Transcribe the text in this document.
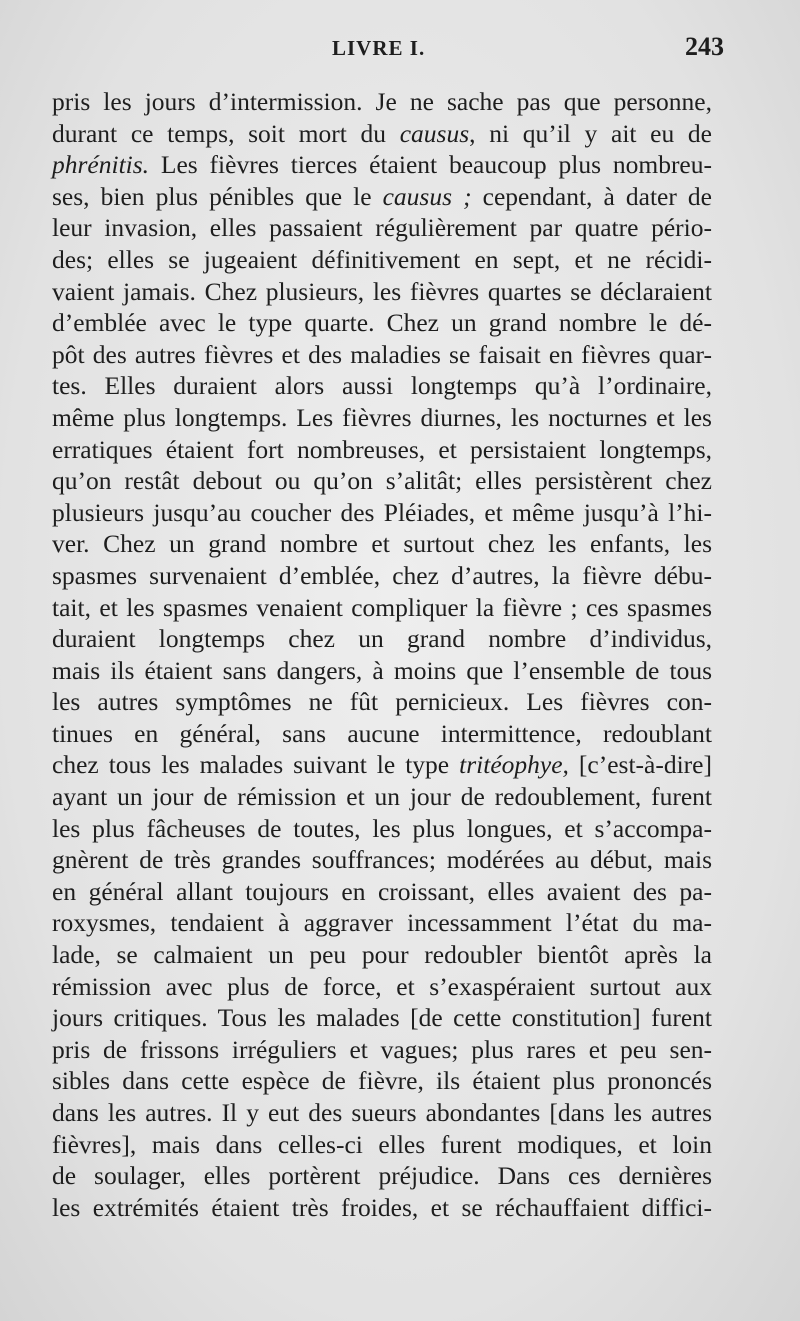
LIVRE I.	243
pris les jours d’intermission. Je ne sache pas que personne,
durant ce temps, soit mort du causus, ni qu’il y ait eu de
phrénitis. Les fièvres tierces étaient beaucoup plus nombreu-
ses, bien plus pénibles que le causus ; cependant, à dater de
leur invasion, elles passaient régulièrement par quatre pério-
des; elles se jugeaient définitivement en sept, et ne récidi-
vaient jamais. Chez plusieurs, les fièvres quartes se déclaraient
d’emblée avec le type quarte. Chez un grand nombre le dé-
pôt des autres fièvres et des maladies se faisait en fièvres quar-
tes. Elles duraient alors aussi longtemps qu’à l’ordinaire,
même plus longtemps. Les fièvres diurnes, les nocturnes et les
erratiques étaient fort nombreuses, et persistaient longtemps,
qu’on restât debout ou qu’on s’alitât; elles persistèrent chez
plusieurs jusqu’au coucher des Pléiades, et même jusqu’à l’hi-
ver. Chez un grand nombre et surtout chez les enfants, les
spasmes survenaient d’emblée, chez d’autres, la fièvre débu-
tait, et les spasmes venaient compliquer la fièvre ; ces spasmes
duraient longtemps chez un grand nombre d’individus,
mais ils étaient sans dangers, à moins que l’ensemble de tous
les autres symptômes ne fût pernicieux. Les fièvres con-
tinues en général, sans aucune intermittence, redoublant
chez tous les malades suivant le type tritéophye, [c’est-à-dire]
ayant un jour de rémission et un jour de redoublement, furent
les plus fâcheuses de toutes, les plus longues, et s’accompa-
gnèrent de très grandes souffrances; modérées au début, mais
en général allant toujours en croissant, elles avaient des pa-
roxysmes, tendaient à aggraver incessamment l’état du ma-
lade, se calmaient un peu pour redoubler bientôt après la
rémission avec plus de force, et s’exaspéraient surtout aux
jours critiques. Tous les malades [de cette constitution] furent
pris de frissons irréguliers et vagues; plus rares et peu sen-
sibles dans cette espèce de fièvre, ils étaient plus prononcés
dans les autres. Il y eut des sueurs abondantes [dans les autres
fièvres], mais dans celles-ci elles furent modiques, et loin
de soulager, elles portèrent préjudice. Dans ces dernières
les extrémités étaient très froides, et se réchauffaient diffici-
